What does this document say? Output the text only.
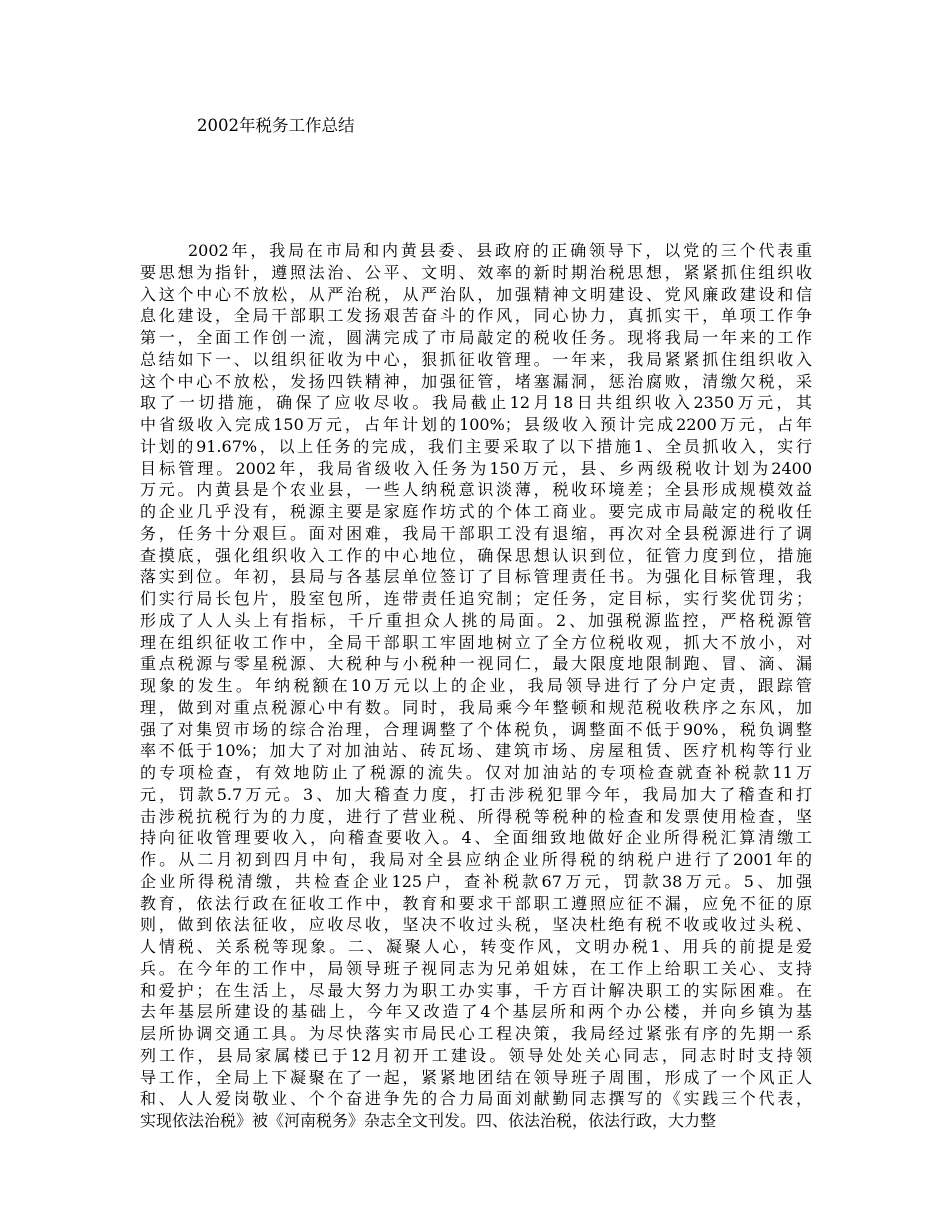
2002年税务工作总结
2002年，我局在市局和内黄县委、县政府的正确领导下，以党的三个代表重
要思想为指针，遵照法治、公平、文明、效率的新时期治税思想，紧紧抓住组织收
入这个中心不放松，从严治税，从严治队，加强精神文明建设、党风廉政建设和信
息化建设，全局干部职工发扬艰苦奋斗的作风，同心协力，真抓实干，单项工作争
第一，全面工作创一流，圆满完成了市局敲定的税收任务。现将我局一年来的工作
总结如下一、以组织征收为中心，狠抓征收管理。一年来，我局紧紧抓住组织收入
这个中心不放松，发扬四铁精神，加强征管，堵塞漏洞，惩治腐败，清缴欠税，采
取了一切措施，确保了应收尽收。我局截止12月18日共组织收入2350万元，其
中省级收入完成150万元，占年计划的100%；县级收入预计完成2200万元，占年
计划的91.67%，以上任务的完成，我们主要采取了以下措施1、全员抓收入，实行
目标管理。2002年，我局省级收入任务为150万元，县、乡两级税收计划为2400
万元。内黄县是个农业县，一些人纳税意识淡薄，税收环境差；全县形成规模效益
的企业几乎没有，税源主要是家庭作坊式的个体工商业。要完成市局敲定的税收任
务，任务十分艰巨。面对困难，我局干部职工没有退缩，再次对全县税源进行了调
查摸底，强化组织收入工作的中心地位，确保思想认识到位，征管力度到位，措施
落实到位。年初，县局与各基层单位签订了目标管理责任书。为强化目标管理，我
们实行局长包片，股室包所，连带责任追究制；定任务，定目标，实行奖优罚劣；
形成了人人头上有指标，千斤重担众人挑的局面。2、加强税源监控，严格税源管
理在组织征收工作中，全局干部职工牢固地树立了全方位税收观，抓大不放小，对
重点税源与零星税源、大税种与小税种一视同仁，最大限度地限制跑、冒、滴、漏
现象的发生。年纳税额在10万元以上的企业，我局领导进行了分户定责，跟踪管
理，做到对重点税源心中有数。同时，我局乘今年整顿和规范税收秩序之东风，加
强了对集贸市场的综合治理，合理调整了个体税负，调整面不低于90%，税负调整
率不低于10%；加大了对加油站、砖瓦场、建筑市场、房屋租赁、医疗机构等行业
的专项检查，有效地防止了税源的流失。仅对加油站的专项检查就查补税款11万
元，罚款5.7万元。3、加大稽查力度，打击涉税犯罪今年，我局加大了稽查和打
击涉税抗税行为的力度，进行了营业税、所得税等税种的检查和发票使用检查，坚
持向征收管理要收入，向稽查要收入。4、全面细致地做好企业所得税汇算清缴工
作。从二月初到四月中旬，我局对全县应纳企业所得税的纳税户进行了2001年的
企业所得税清缴，共检查企业125户，查补税款67万元，罚款38万元。5、加强
教育，依法行政在征收工作中，教育和要求干部职工遵照应征不漏，应免不征的原
则，做到依法征收，应收尽收，坚决不收过头税，坚决杜绝有税不收或收过头税、
人情税、关系税等现象。二、凝聚人心，转变作风，文明办税1、用兵的前提是爱
兵。在今年的工作中，局领导班子视同志为兄弟姐妹，在工作上给职工关心、支持
和爱护；在生活上，尽最大努力为职工办实事，千方百计解决职工的实际困难。在
去年基层所建设的基础上，今年又改造了4个基层所和两个办公楼，并向乡镇为基
层所协调交通工具。为尽快落实市局民心工程决策，我局经过紧张有序的先期一系
列工作，县局家属楼已于12月初开工建设。领导处处关心同志，同志时时支持领
导工作，全局上下凝聚在了一起，紧紧地团结在领导班子周围，形成了一个风正人
和、人人爱岗敬业、个个奋进争先的合力局面刘献勤同志撰写的《实践三个代表，
实现依法治税》被《河南税务》杂志全文刊发。四、依法治税，依法行政，大力整
